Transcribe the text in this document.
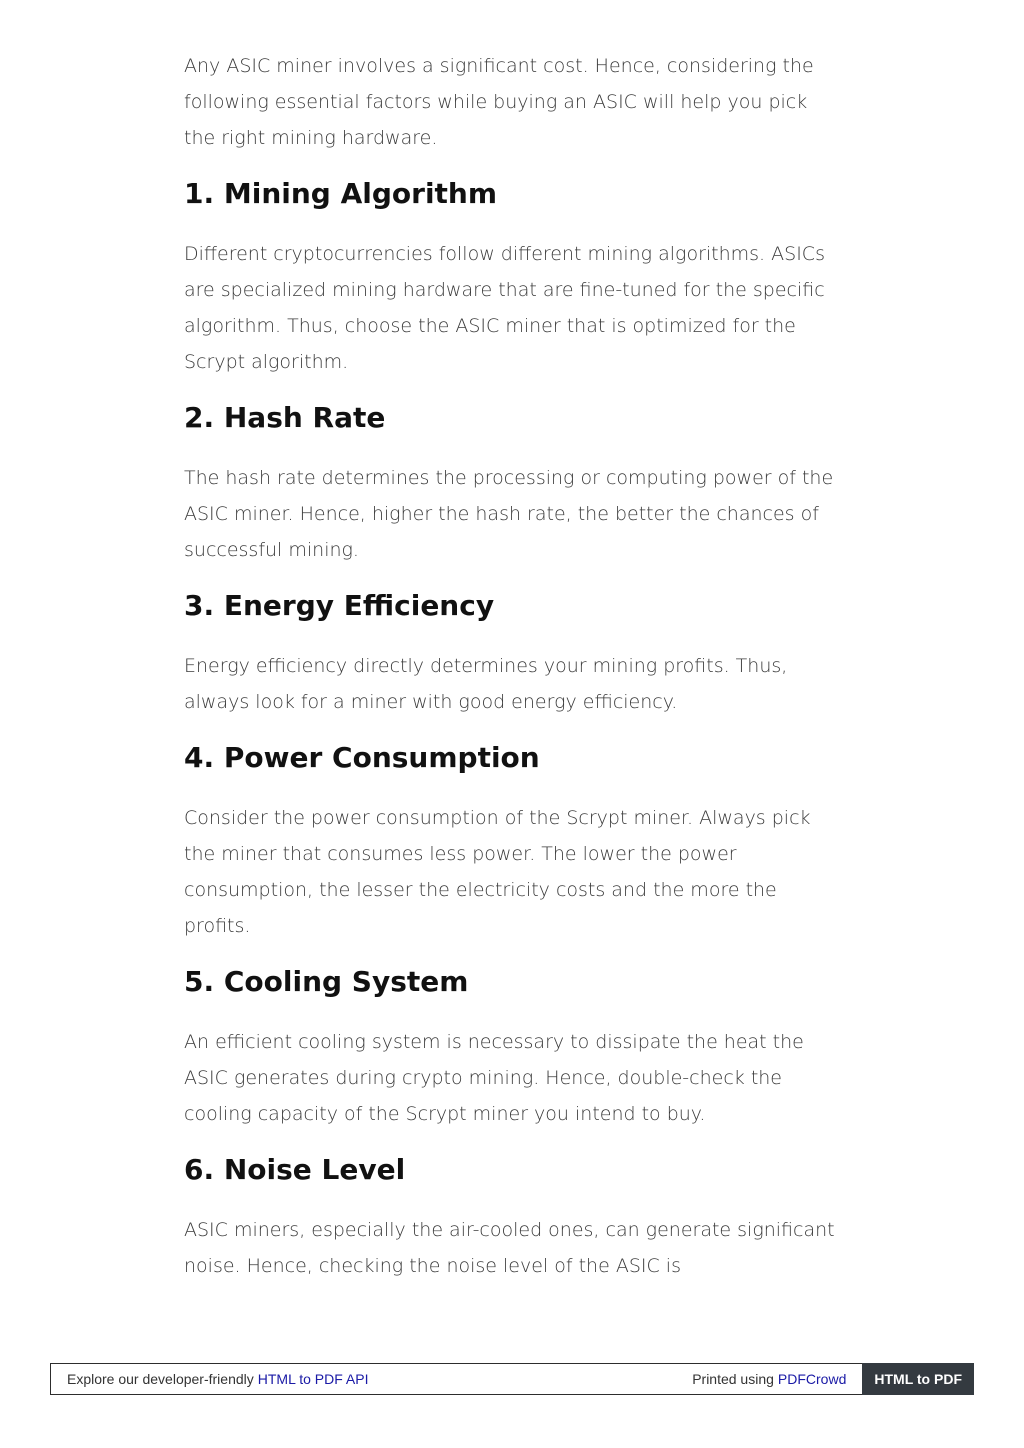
Any ASIC miner involves a significant cost. Hence, considering the following essential factors while buying an ASIC will help you pick the right mining hardware.

1. Mining Algorithm

Different cryptocurrencies follow different mining algorithms. ASICs are specialized mining hardware that are fine-tuned for the specific algorithm. Thus, choose the ASIC miner that is optimized for the Scrypt algorithm.

2. Hash Rate

The hash rate determines the processing or computing power of the ASIC miner. Hence, higher the hash rate, the better the chances of successful mining.

3. Energy Efficiency

Energy efficiency directly determines your mining profits. Thus, always look for a miner with good energy efficiency.

4. Power Consumption

Consider the power consumption of the Scrypt miner. Always pick the miner that consumes less power. The lower the power consumption, the lesser the electricity costs and the more the profits.

5. Cooling System

An efficient cooling system is necessary to dissipate the heat the ASIC generates during crypto mining. Hence, double-check the cooling capacity of the Scrypt miner you intend to buy.

6. Noise Level

ASIC miners, especially the air-cooled ones, can generate significant noise. Hence, checking the noise level of the ASIC is

Explore our developer-friendly HTML to PDF API	Printed using PDFCrowd	HTML to PDF
